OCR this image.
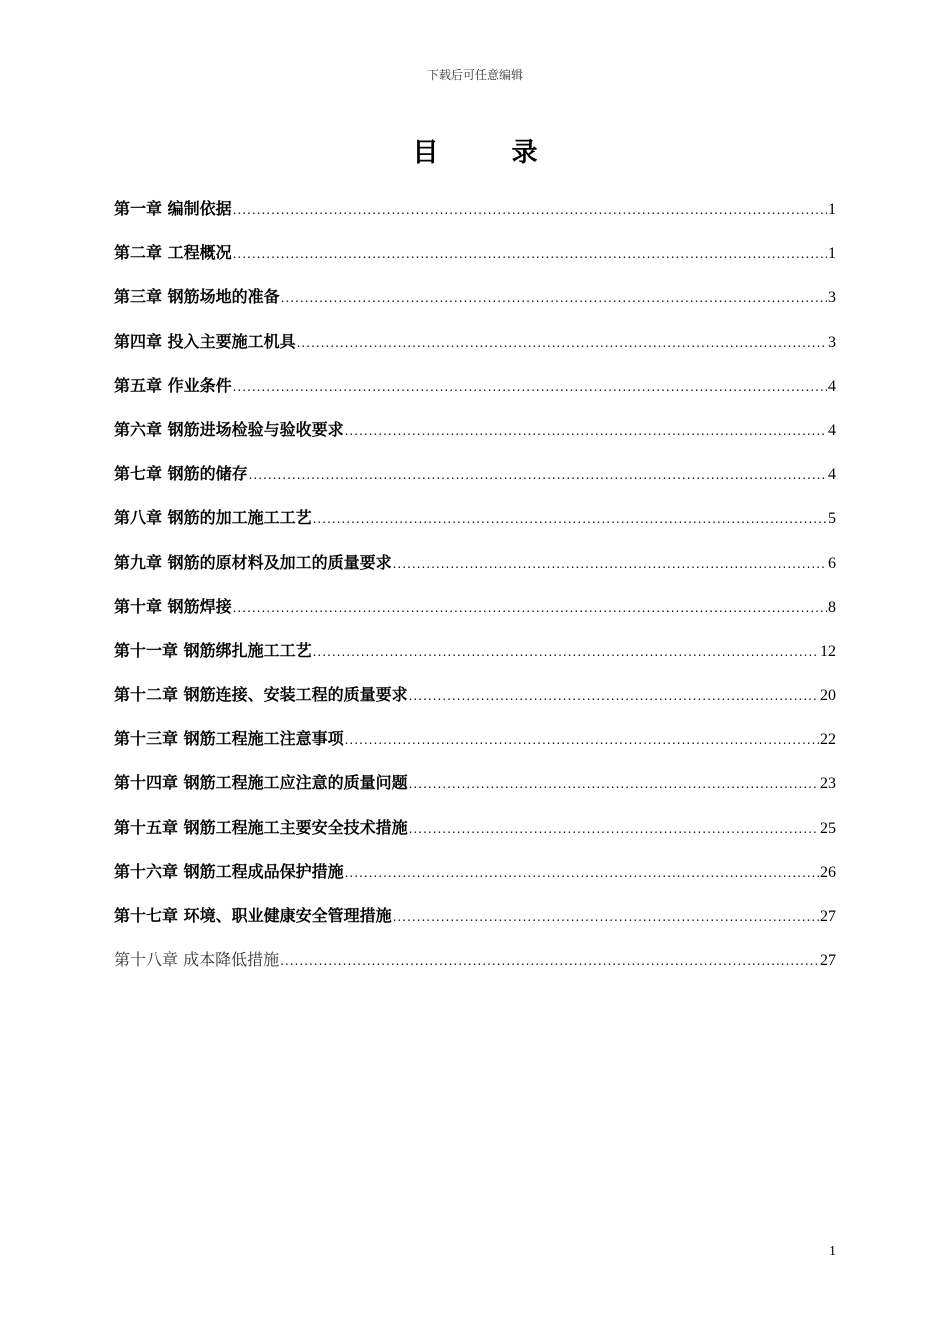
下载后可任意编辑
目 录
第一章 编制依据 .....	1
第二章 工程概况 .....	1
第三章 钢筋场地的准备 .....	3
第四章 投入主要施工机具 .....	3
第五章 作业条件 .....	4
第六章 钢筋进场检验与验收要求 .....	4
第七章 钢筋的储存 .....	4
第八章 钢筋的加工施工工艺 .....	5
第九章 钢筋的原材料及加工的质量要求 .....	6
第十章 钢筋焊接 .....	8
第十一章 钢筋绑扎施工工艺 .....	12
第十二章 钢筋连接、安装工程的质量要求 .....	20
第十三章 钢筋工程施工注意事项 .....	22
第十四章 钢筋工程施工应注意的质量问题 .....	23
第十五章 钢筋工程施工主要安全技术措施 .....	25
第十六章 钢筋工程成品保护措施 .....	26
第十七章 环境、职业健康安全管理措施 .....	27
第十八章 成本降低措施 .....	27
1
